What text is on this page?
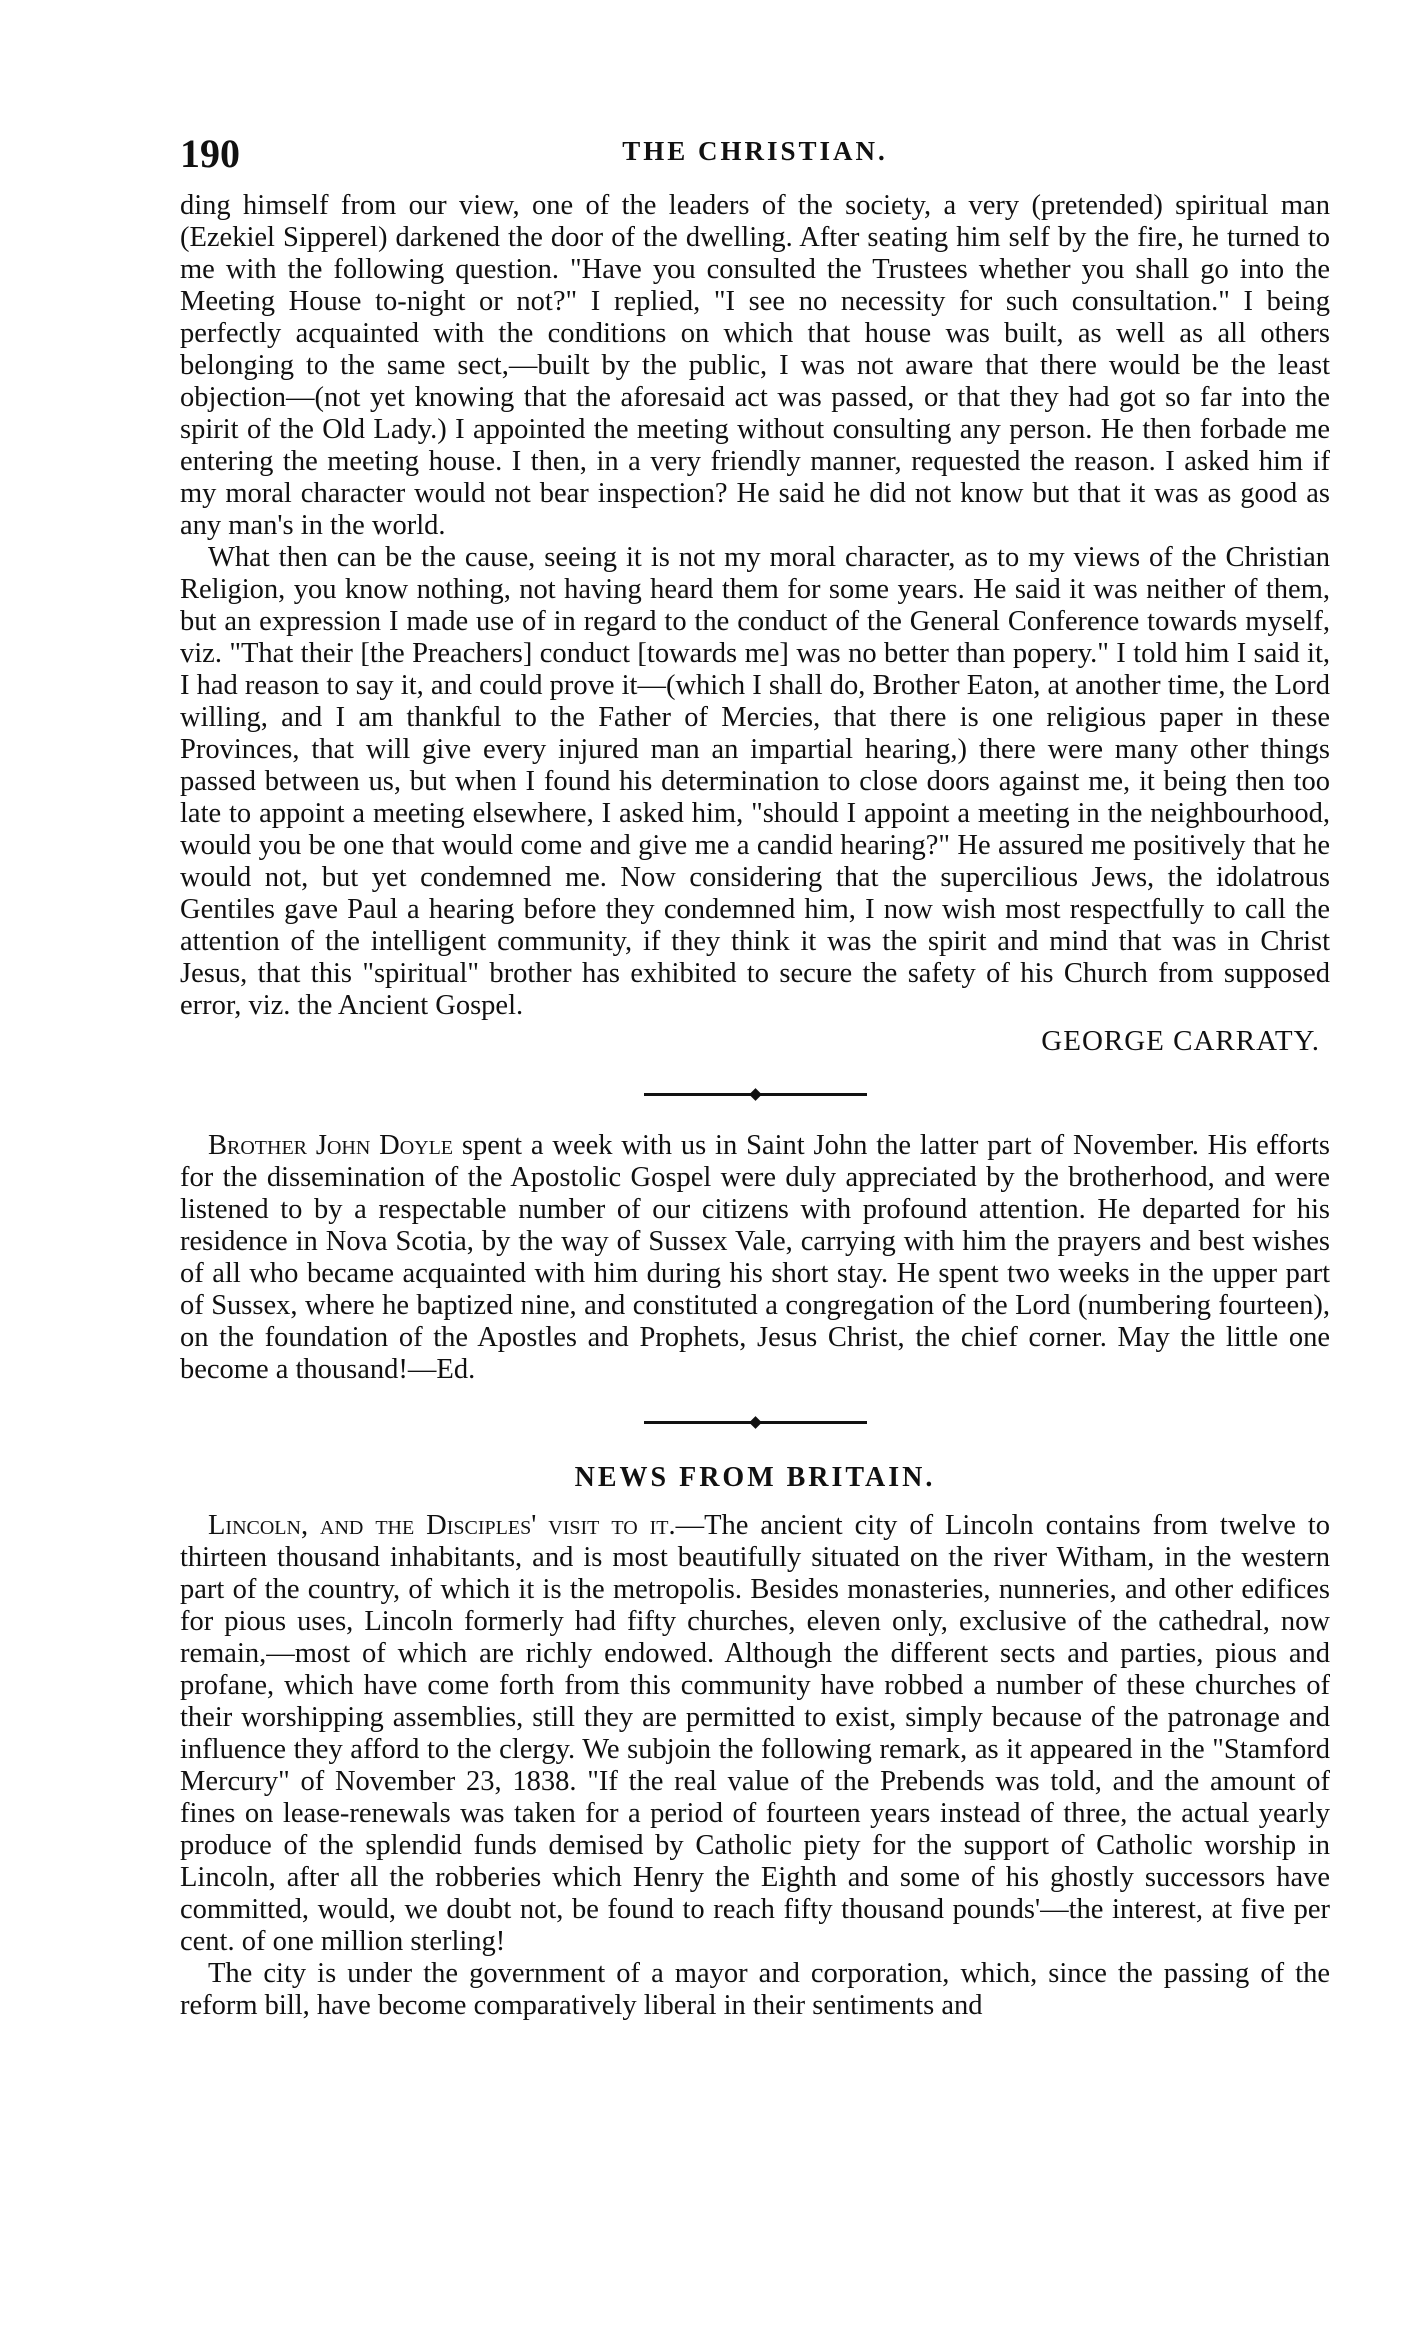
190	THE CHRISTIAN.

ding himself from our view, one of the leaders of the society, a very (pretended) spiritual man (Ezekiel Sipperel) darkened the door of the dwelling. After seating him self by the fire, he turned to me with the following question. "Have you consulted the Trustees whether you shall go into the Meeting House to-night or not?" I replied, "I see no necessity for such consultation." I being perfectly acquainted with the conditions on which that house was built, as well as all others belonging to the same sect,—built by the public, I was not aware that there would be the least objection—(not yet knowing that the aforesaid act was passed, or that they had got so far into the spirit of the Old Lady.) I appointed the meeting without consulting any person. He then forbade me entering the meeting house. I then, in a very friendly manner, requested the reason. I asked him if my moral character would not bear inspection? He said he did not know but that it was as good as any man's in the world.

What then can be the cause, seeing it is not my moral character, as to my views of the Christian Religion, you know nothing, not having heard them for some years. He said it was neither of them, but an expression I made use of in regard to the conduct of the General Conference towards myself, viz. "That their [the Preachers] conduct [towards me] was no better than popery." I told him I said it, I had reason to say it, and could prove it—(which I shall do, Brother Eaton, at another time, the Lord willing, and I am thankful to the Father of Mercies, that there is one religious paper in these Provinces, that will give every injured man an impartial hearing,) there were many other things passed between us, but when I found his determination to close doors against me, it being then too late to appoint a meeting elsewhere, I asked him, "should I appoint a meeting in the neighbourhood, would you be one that would come and give me a candid hearing?" He assured me positively that he would not, but yet condemned me. Now considering that the supercilious Jews, the idolatrous Gentiles gave Paul a hearing before they condemned him, I now wish most respectfully to call the attention of the intelligent community, if they think it was the spirit and mind that was in Christ Jesus, that this "spiritual" brother has exhibited to secure the safety of his Church from supposed error, viz. the Ancient Gospel.

GEORGE CARRATY.

Brother John Doyle spent a week with us in Saint John the latter part of November. His efforts for the dissemination of the Apostolic Gospel were duly appreciated by the brotherhood, and were listened to by a respectable number of our citizens with profound attention. He departed for his residence in Nova Scotia, by the way of Sussex Vale, carrying with him the prayers and best wishes of all who became acquainted with him during his short stay. He spent two weeks in the upper part of Sussex, where he baptized nine, and constituted a congregation of the Lord (numbering fourteen), on the foundation of the Apostles and Prophets, Jesus Christ, the chief corner. May the little one become a thousand!—Ed.

NEWS FROM BRITAIN.

Lincoln, and the Disciples' visit to it.—The ancient city of Lincoln contains from twelve to thirteen thousand inhabitants, and is most beautifully situated on the river Witham, in the western part of the country, of which it is the metropolis. Besides monasteries, nunneries, and other edifices for pious uses, Lincoln formerly had fifty churches, eleven only, exclusive of the cathedral, now remain,—most of which are richly endowed. Although the different sects and parties, pious and profane, which have come forth from this community have robbed a number of these churches of their worshipping assemblies, still they are permitted to exist, simply because of the patronage and influence they afford to the clergy. We subjoin the following remark, as it appeared in the "Stamford Mercury" of November 23, 1838. "If the real value of the Prebends was told, and the amount of fines on lease-renewals was taken for a period of fourteen years instead of three, the actual yearly produce of the splendid funds demised by Catholic piety for the support of Catholic worship in Lincoln, after all the robberies which Henry the Eighth and some of his ghostly successors have committed, would, we doubt not, be found to reach fifty thousand pounds'—the interest, at five per cent. of one million sterling!

The city is under the government of a mayor and corporation, which, since the passing of the reform bill, have become comparatively liberal in their sentiments and
